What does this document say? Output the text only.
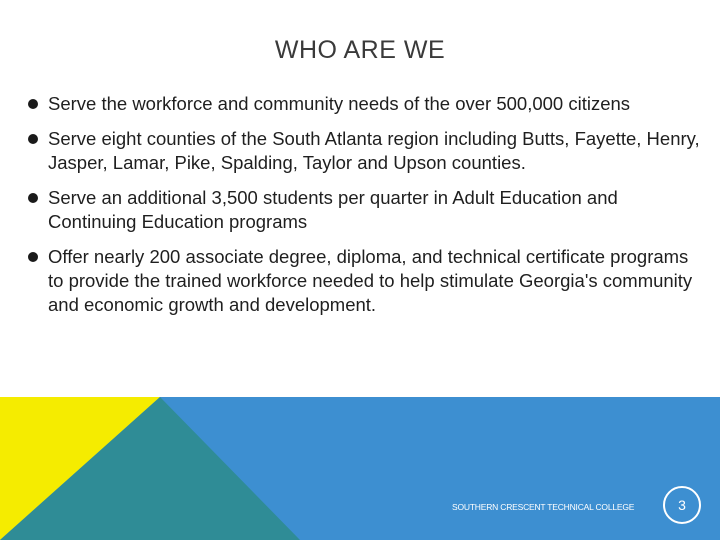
WHO ARE WE
Serve the workforce and community needs of the over 500,000 citizens
Serve eight counties of the South Atlanta region including Butts, Fayette, Henry, Jasper, Lamar, Pike, Spalding, Taylor and Upson counties.
Serve an additional 3,500 students per quarter in Adult Education and Continuing Education programs
Offer nearly 200 associate degree, diploma, and technical certificate programs to provide the trained workforce needed to help stimulate Georgia's community and economic growth and development.
SOUTHERN CRESCENT TECHNICAL COLLEGE	3
